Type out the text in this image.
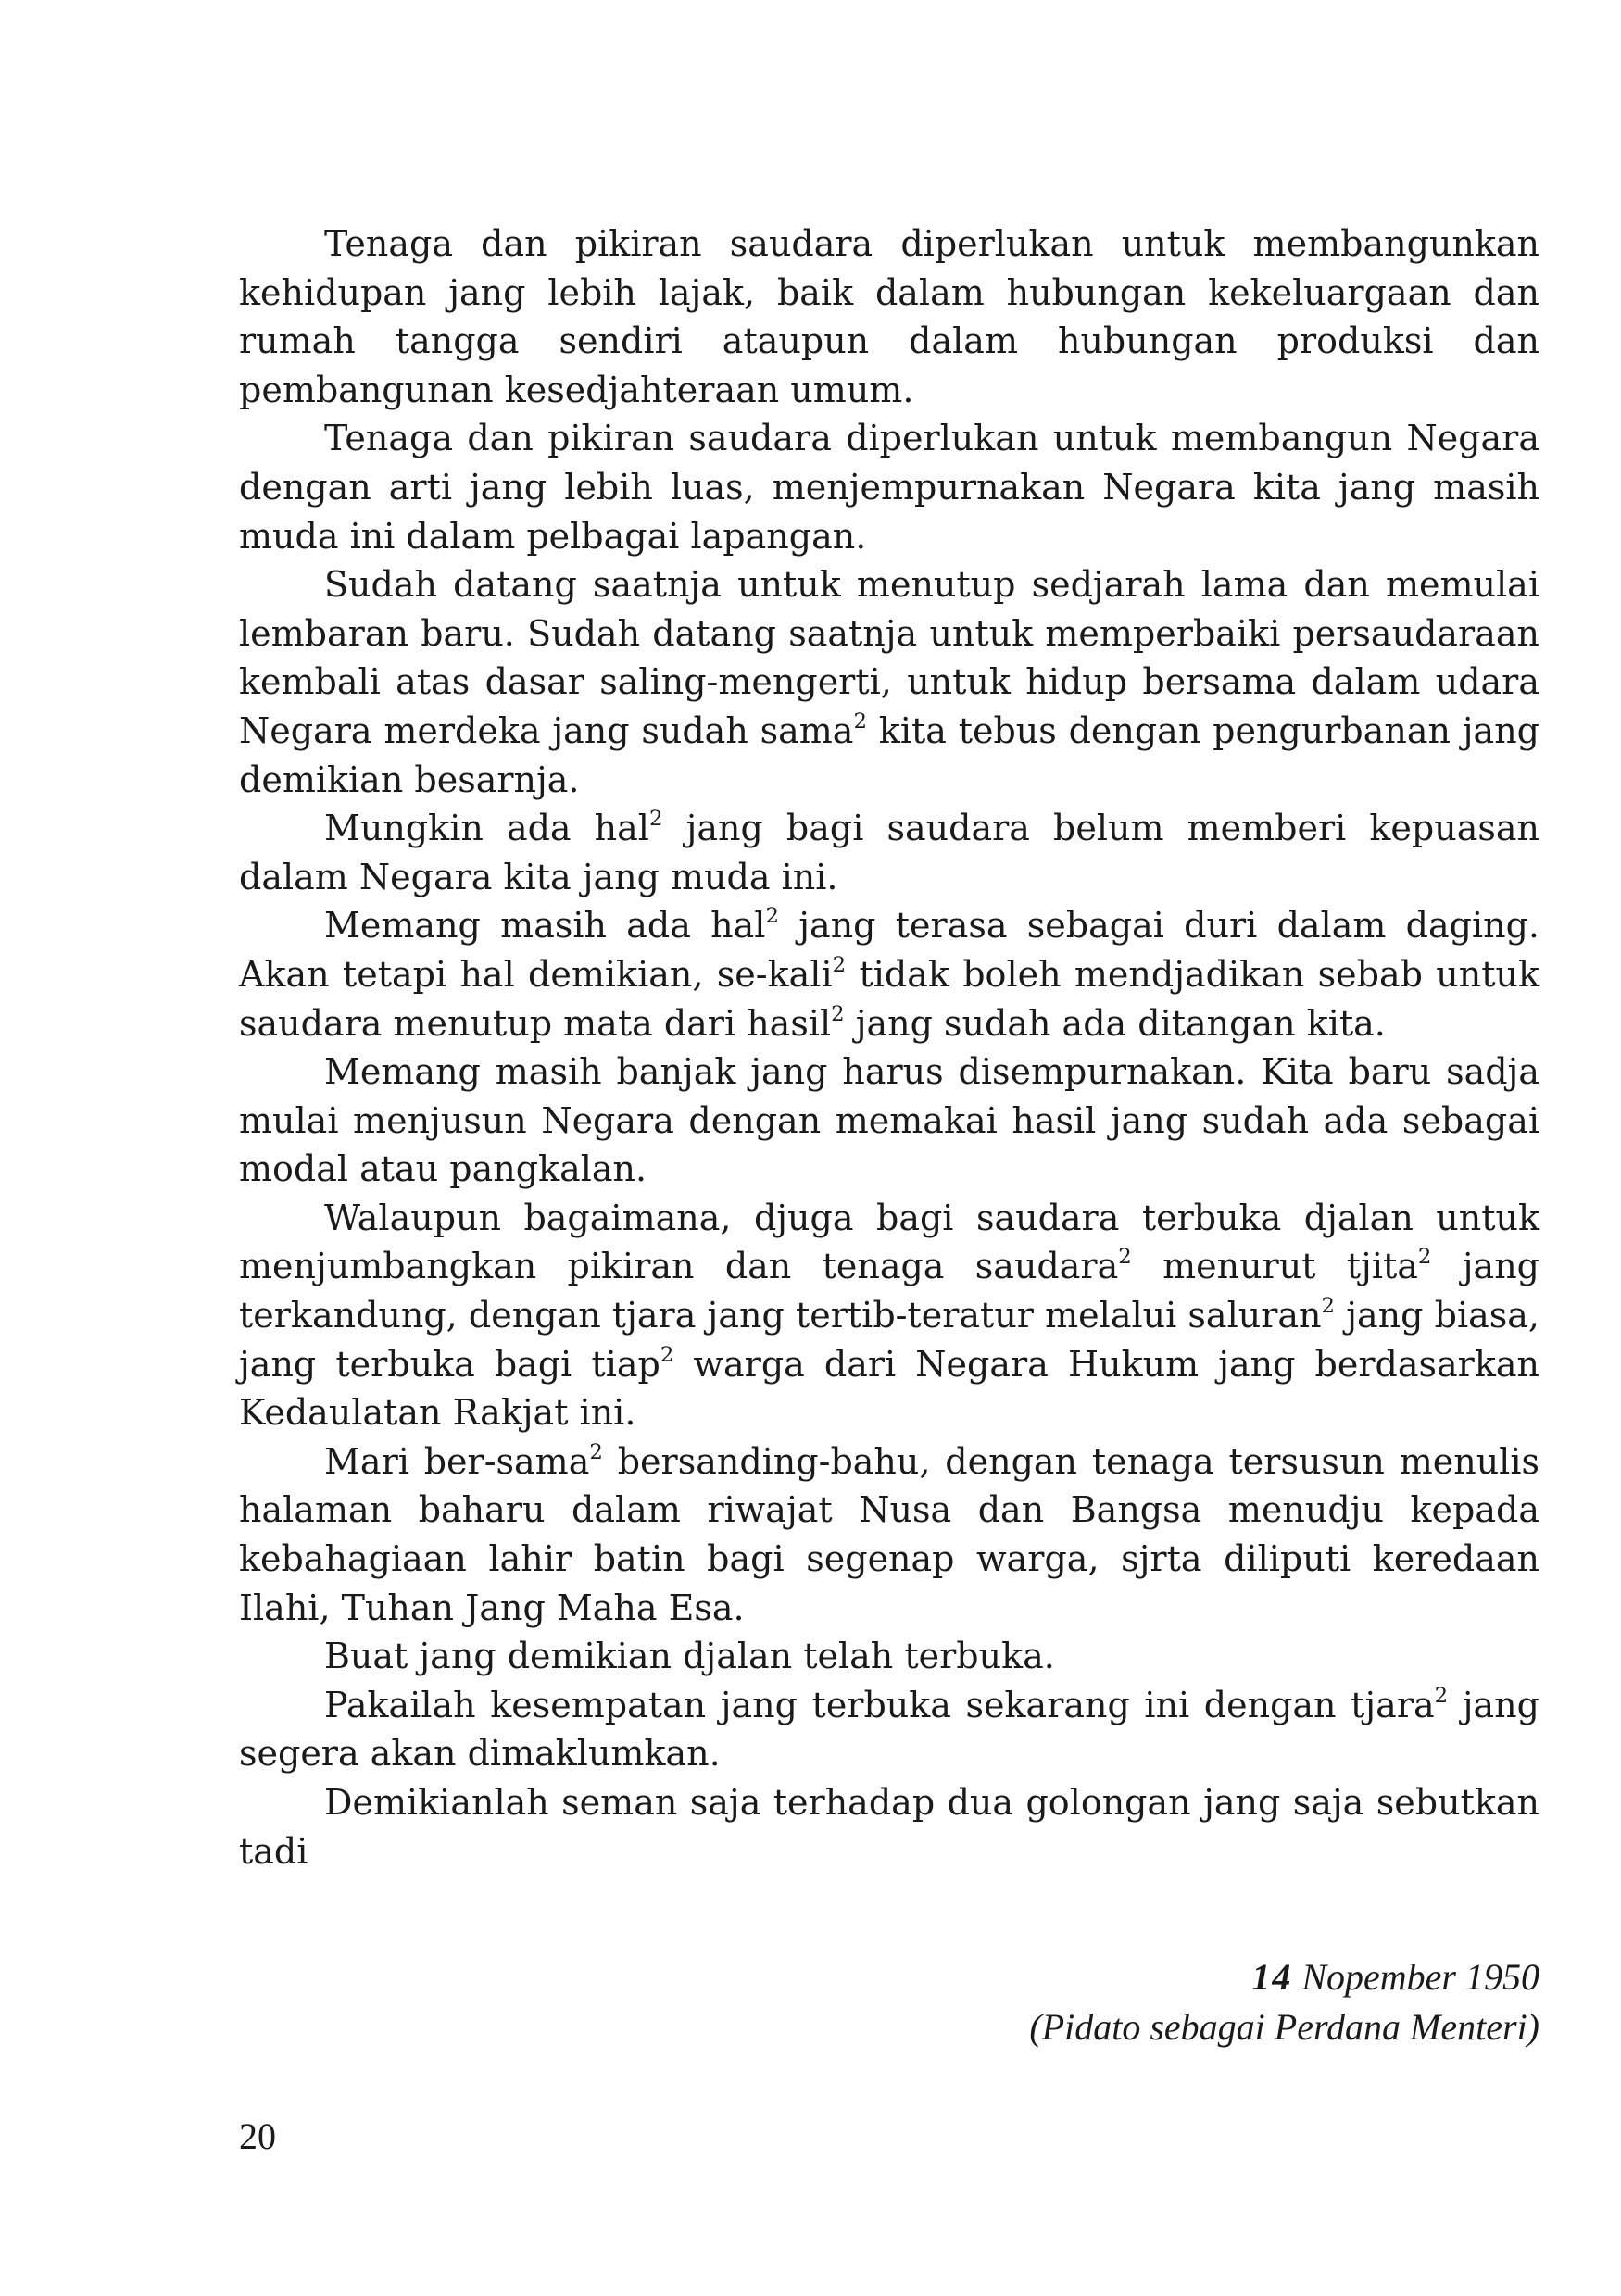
Tenaga dan pikiran saudara diperlukan untuk membangunkan kehidupan jang lebih lajak, baik dalam hubungan kekeluargaan dan rumah tangga sendiri ataupun dalam hubungan produksi dan pembangunan kesedjahteraan umum.

Tenaga dan pikiran saudara diperlukan untuk membangun Negara dengan arti jang lebih luas, menjempurnakan Negara kita jang masih muda ini dalam pelbagai lapangan.

Sudah datang saatnja untuk menutup sedjarah lama dan memulai lembaran baru. Sudah datang saatnja untuk memperbaiki persaudaraan kembali atas dasar saling-mengerti, untuk hidup bersama dalam udara Negara merdeka jang sudah sama$^2$ kita tebus dengan pengurbanan jang demikian besarnja.

Mungkin ada hal$^2$ jang bagi saudara belum memberi kepuasan dalam Negara kita jang muda ini.

Memang masih ada hal$^2$ jang terasa sebagai duri dalam daging. Akan tetapi hal demikian, se-kali$^2$ tidak boleh mendjadikan sebab untuk saudara menutup mata dari hasil$^2$ jang sudah ada ditangan kita.

Memang masih banjak jang harus disempurnakan. Kita baru sadja mulai menjusun Negara dengan memakai hasil jang sudah ada sebagai modal atau pangkalan.

Walaupun bagaimana, djuga bagi saudara terbuka djalan untuk menjumbangkan pikiran dan tenaga saudara$^2$ menurut tjita$^2$ jang terkandung, dengan tjara jang tertib-teratur melalui saluran$^2$ jang biasa, jang terbuka bagi tiap$^2$ warga dari Negara Hukum jang berdasarkan Kedaulatan Rakjat ini.

Mari ber-sama$^2$ bersanding-bahu, dengan tenaga tersusun menulis halaman baharu dalam riwajat Nusa dan Bangsa menudju kepada kebahagiaan lahir batin bagi segenap warga, sjrta diliputi keredaan Ilahi, Tuhan Jang Maha Esa.

Buat jang demikian djalan telah terbuka.

Pakailah kesempatan jang terbuka sekarang ini dengan tjara$^2$ jang segera akan dimaklumkan.

Demikianlah seman saja terhadap dua golongan jang saja sebutkan tadi

14 Nopember 1950
(Pidato sebagai Perdana Menteri)
20
